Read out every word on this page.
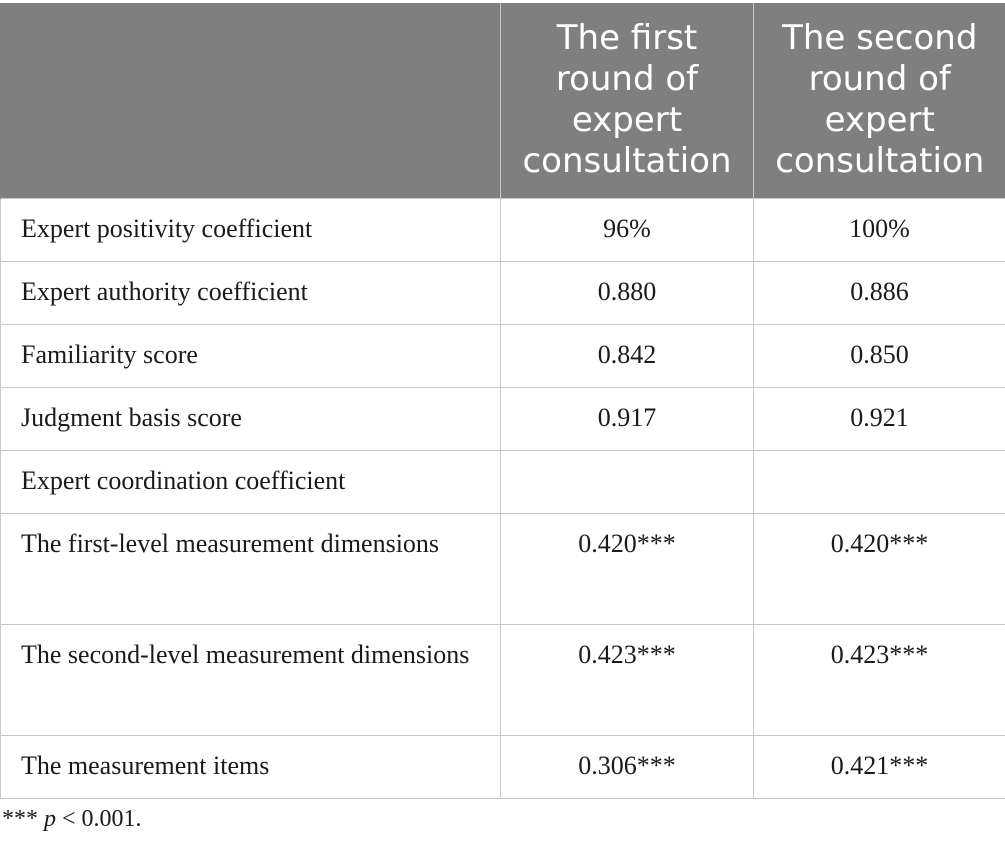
	The first round of expert consultation	The second round of expert consultation
Expert positivity coefficient	96%	100%
Expert authority coefficient	0.880	0.886
Familiarity score	0.842	0.850
Judgment basis score	0.917	0.921
Expert coordination coefficient		
The first-level measurement dimensions	0.420***	0.420***
The second-level measurement dimensions	0.423***	0.423***
The measurement items	0.306***	0.421***
*** p < 0.001.
